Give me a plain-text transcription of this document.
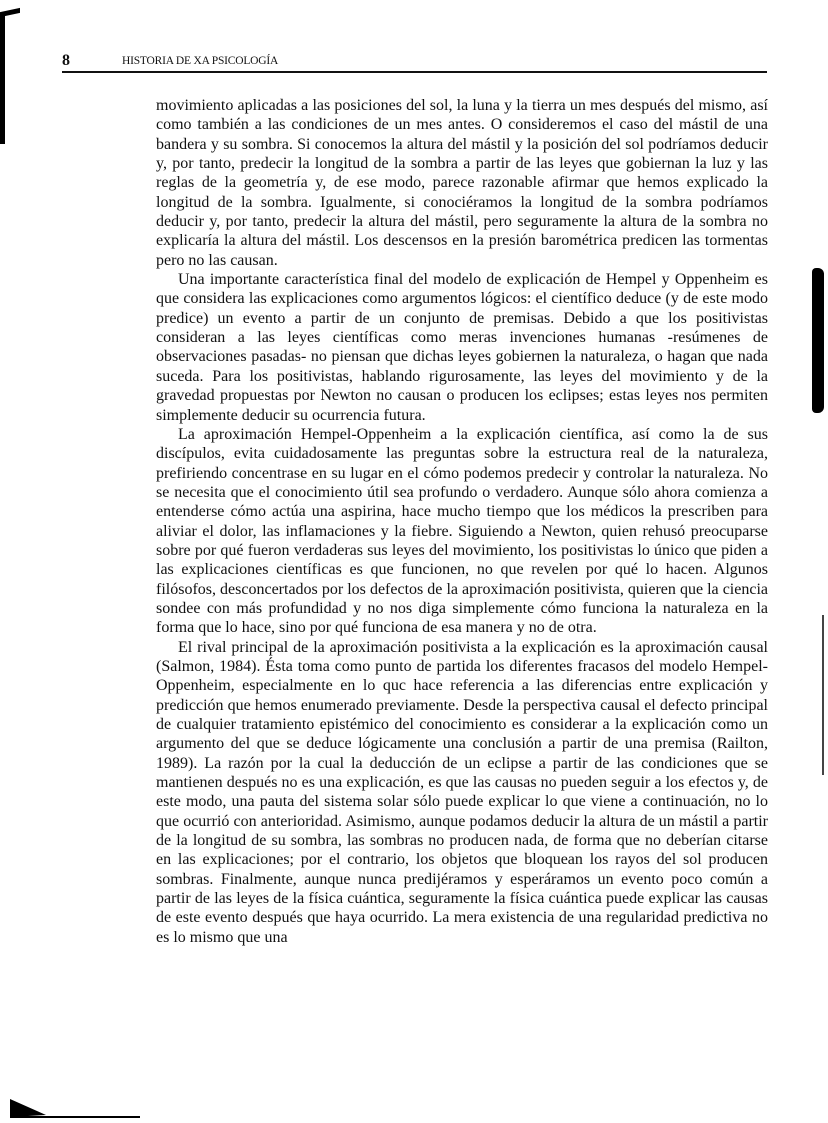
8	HISTORIA DE XA PSICOLOGÍA

movimiento aplicadas a las posiciones del sol, la luna y la tierra un mes después del mismo, así como también a las condiciones de un mes antes. O consideremos el caso del mástil de una bandera y su sombra. Si conocemos la altura del mástil y la posición del sol podríamos deducir y, por tanto, predecir la longitud de la sombra a partir de las leyes que gobiernan la luz y las reglas de la geometría y, de ese modo, parece razonable afirmar que hemos explicado la longitud de la sombra. Igualmente, si conociéramos la longitud de la sombra podríamos deducir y, por tanto, predecir la altura del mástil, pero seguramente la altura de la sombra no explicaría la altura del mástil. Los descensos en la presión barométrica predicen las tormentas pero no las causan.

Una importante característica final del modelo de explicación de Hempel y Oppenheim es que considera las explicaciones como argumentos lógicos: el científico deduce (y de este modo predice) un evento a partir de un conjunto de premisas. Debido a que los positivistas consideran a las leyes científicas como meras invenciones humanas -resúmenes de observaciones pasadas- no piensan que dichas leyes gobiernen la naturaleza, o hagan que nada suceda. Para los positivistas, hablando rigurosamente, las leyes del movimiento y de la gravedad propuestas por Newton no causan o producen los eclipses; estas leyes nos permiten simplemente deducir su ocurrencia futura.

La aproximación Hempel-Oppenheim a la explicación científica, así como la de sus discípulos, evita cuidadosamente las preguntas sobre la estructura real de la naturaleza, prefiriendo concentrase en su lugar en el cómo podemos predecir y controlar la naturaleza. No se necesita que el conocimiento útil sea profundo o verdadero. Aunque sólo ahora comienza a entenderse cómo actúa una aspirina, hace mucho tiempo que los médicos la prescriben para aliviar el dolor, las inflamaciones y la fiebre. Siguiendo a Newton, quien rehusó preocuparse sobre por qué fueron verdaderas sus leyes del movimiento, los positivistas lo único que piden a las explicaciones científicas es que funcionen, no que revelen por qué lo hacen. Algunos filósofos, desconcertados por los defectos de la aproximación positivista, quieren que la ciencia sondee con más profundidad y no nos diga simplemente cómo funciona la naturaleza en la forma que lo hace, sino por qué funciona de esa manera y no de otra.

El rival principal de la aproximación positivista a la explicación es la aproximación causal (Salmon, 1984). Ésta toma como punto de partida los diferentes fracasos del modelo Hempel-Oppenheim, especialmente en lo quc hace referencia a las diferencias entre explicación y predicción que hemos enumerado previamente. Desde la perspectiva causal el defecto principal de cualquier tratamiento epistémico del conocimiento es considerar a la explicación como un argumento del que se deduce lógicamente una conclusión a partir de una premisa (Railton, 1989). La razón por la cual la deducción de un eclipse a partir de las condiciones que se mantienen después no es una explicación, es que las causas no pueden seguir a los efectos y, de este modo, una pauta del sistema solar sólo puede explicar lo que viene a continuación, no lo que ocurrió con anterioridad. Asimismo, aunque podamos deducir la altura de un mástil a partir de la longitud de su sombra, las sombras no producen nada, de forma que no deberían citarse en las explicaciones; por el contrario, los objetos que bloquean los rayos del sol producen sombras. Finalmente, aunque nunca predijéramos y esperáramos un evento poco común a partir de las leyes de la física cuántica, seguramente la física cuántica puede explicar las causas de este evento después que haya ocurrido. La mera existencia de una regularidad predictiva no es lo mismo que una
